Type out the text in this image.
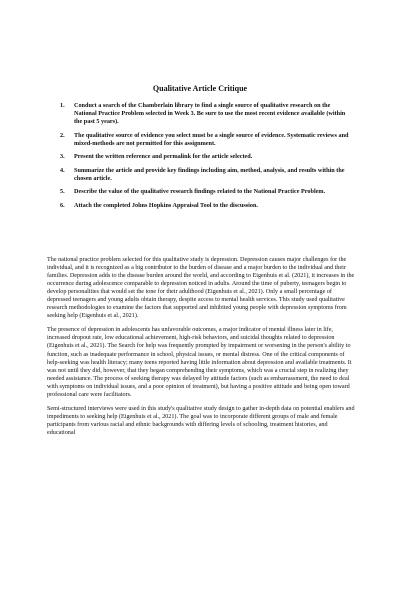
Qualitative Article Critique
1. Conduct a search of the Chamberlain library to find a single source of qualitative research on the National Practice Problem selected in Week 3. Be sure to use the most recent evidence available (within the past 5 years).
2. The qualitative source of evidence you select must be a single source of evidence. Systematic reviews and mixed-methods are not permitted for this assignment.
3. Present the written reference and permalink for the article selected.
4. Summarize the article and provide key findings including aim, method, analysis, and results within the chosen article.
5. Describe the value of the qualitative research findings related to the National Practice Problem.
6. Attach the completed Johns Hopkins Appraisal Tool to the discussion.

The national practice problem selected for this qualitative study is depression. Depression causes major challenges for the individual, and it is recognized as a big contributor to the burden of disease and a major burden to the individual and their families. Depression adds to the disease burden around the world, and according to Eigenhuis et al. (2021), it increases in the occurrence during adolescence comparable to depression noticed in adults. Around the time of puberty, teenagers begin to develop personalities that would set the tone for their adulthood (Eigenhuis et al., 2021). Only a small percentage of depressed teenagers and young adults obtain therapy, despite access to mental health services. This study used qualitative research methodologies to examine the factors that supported and inhibited young people with depression symptoms from seeking help (Eigenhuis et al., 2021).

The presence of depression in adolescents has unfavorable outcomes, a major indicator of mental illness later in life, increased dropout rate, low educational achievement, high-risk behaviors, and suicidal thoughts related to depression (Eigenhuis et al., 2021). The Search for help was frequently prompted by impairment or worsening in the person's ability to function, such as inadequate performance in school, physical issues, or mental distress. One of the critical components of help-seeking was health literacy; many teens reported having little information about depression and available treatments. It was not until they did, however, that they began comprehending their symptoms, which was a crucial step in realizing they needed assistance. The process of seeking therapy was delayed by attitude factors (such as embarrassment, the need to deal with symptoms on individual issues, and a poor opinion of treatment), but having a positive attitude and being open toward professional care were facilitators.

Semi-structured interviews were used in this study's qualitative study design to gather in-depth data on potential enablers and impediments to seeking help (Eigenhuis et al., 2021). The goal was to incorporate different groups of male and female participants from various racial and ethnic backgrounds with differing levels of schooling, treatment histories, and educational
